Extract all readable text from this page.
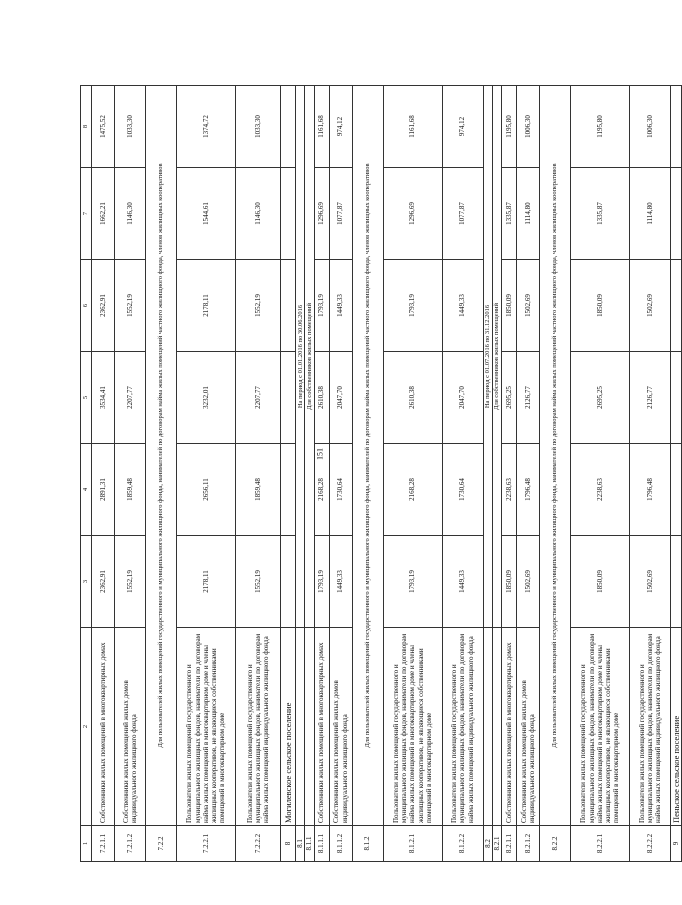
151
1	2	3	4	5	6	7	8
7.2.1.1	Собственники жилых помещений в многоквартирных домах	2362,91	2891,31	3534,41	2362,91	1662,21	1475,52
7.2.1.2	Собственники жилых помещений жилых домов индивидуального жилищного фонда	1552,19	1859,48	2207,77	1552,19	1146,30	1033,30
7.2.2	Для пользователей жилых помещений государственного и муниципального жилищного фонда, нанимателей по договорам найма жилых помещений частного жилищного фонда, членов жилищных кооперативов						
7.2.2.1	Пользователи жилых помещений государственного и муниципального жилищных фондов, наниматели по договорам найма жилых помещений в многоквартирном доме и члены жилищных кооперативов, не являющиеся собственниками помещений в многоквартирном доме	2178,11	2656,11	3232,01	2178,11	1544,61	1374,72
7.2.2.2	Пользователи жилых помещений государственного и муниципального жилищных фондов, наниматели по договорам найма жилых помещений индивидуального жилищного фонда	1552,19	1859,48	2207,77	1552,19	1146,30	1033,30
8	Могилевское сельское поселение						
8.1		На период с 01.01.2016 по 30.06.2016					
8.1.1		Для собственников жилых помещений					
8.1.1.1	Собственники жилых помещений в многоквартирных домах	1793,19	2168,28	2610,38	1793,19	1296,69	1161,68
8.1.1.2	Собственники жилых помещений жилых домов индивидуального жилищного фонда	1449,33	1730,64	2047,70	1449,33	1077,87	974,12
8.1.2	Для пользователей жилых помещений государственного и муниципального жилищного фонда, нанимателей по договорам найма жилых помещений частного жилищного фонда, членов жилищных кооперативов						
8.1.2.1	Пользователи жилых помещений государственного и муниципального жилищных фондов, наниматели по договорам найма жилых помещений в многоквартирном доме и члены жилищных кооперативов, не являющиеся собственниками помещений в многоквартирном доме	1793,19	2168,28	2610,38	1793,19	1296,69	1161,68
8.1.2.2	Пользователи жилых помещений государственного и муниципального жилищных фондов, наниматели по договорам найма жилых помещений индивидуального жилищного фонда	1449,33	1730,64	2047,70	1449,33	1077,87	974,12
8.2		На период с 01.07.2016 по 31.12.2016					
8.2.1		Для собственников жилых помещений					
8.2.1.1	Собственники жилых помещений в многоквартирных домах	1850,09	2238,63	2695,25	1850,09	1335,87	1195,80
8.2.1.2	Собственники жилых помещений жилых домов индивидуального жилищного фонда	1502,69	1796,48	2126,77	1502,69	1114,80	1006,30
8.2.2	Для пользователей жилых помещений государственного и муниципального жилищного фонда, нанимателей по договорам найма жилых помещений частного жилищного фонда, членов жилищных кооперативов						
8.2.2.1	Пользователи жилых помещений государственного и муниципального жилищных фондов, наниматели по договорам найма жилых помещений в многоквартирном доме и члены жилищных кооперативов, не являющиеся собственниками помещений в многоквартирном доме	1850,09	2238,63	2695,25	1850,09	1335,87	1195,80
8.2.2.2	Пользователи жилых помещений государственного и муниципального жилищных фондов, наниматели по договорам найма жилых помещений индивидуального жилищного фонда	1502,69	1796,48	2126,77	1502,69	1114,80	1006,30
9	Пеньское сельское поселение						
